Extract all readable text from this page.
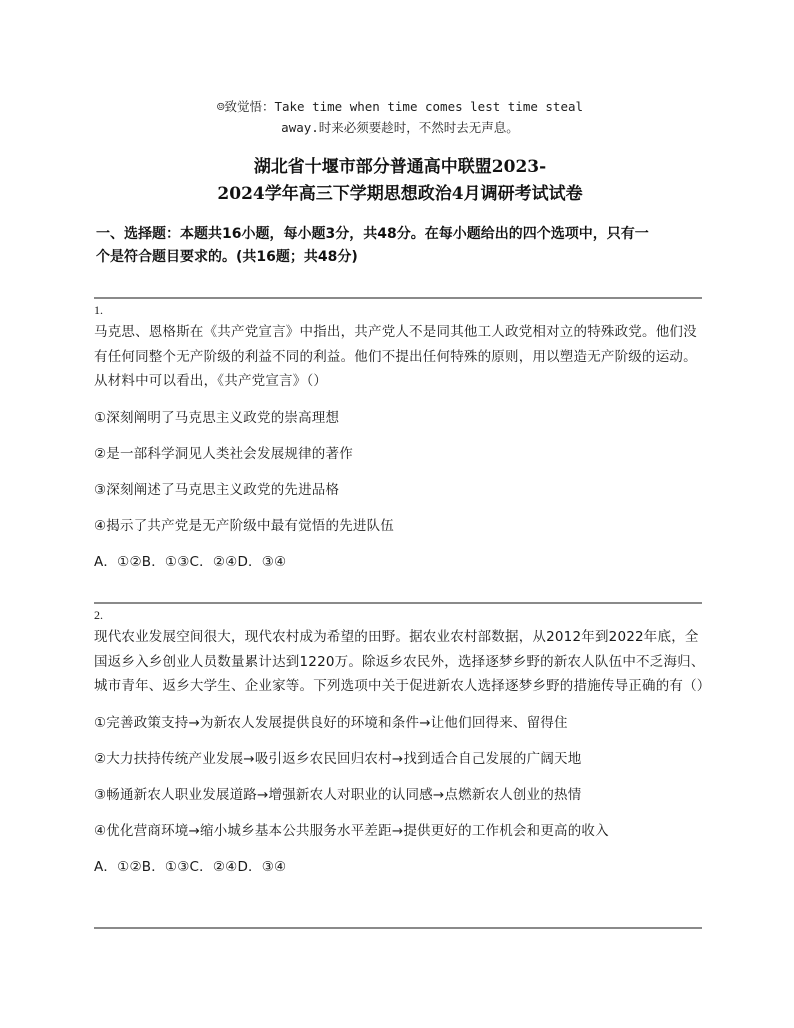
☺致觉悟：Take time when time comes lest time steal
away.时来必须要趁时，不然时去无声息。
湖北省十堰市部分普通高中联盟2023-
2024学年高三下学期思想政治4月调研考试试卷
一、选择题：本题共16小题，每小题3分，共48分。在每小题给出的四个选项中，只有一
个是符合题目要求的。(共16题；共48分)
1.
马克思、恩格斯在《共产党宣言》中指出，共产党人不是同其他工人政党相对立的特殊政党。他们没有任何同整个无产阶级的利益不同的利益。他们不提出任何特殊的原则，用以塑造无产阶级的运动。从材料中可以看出，《共产党宣言》（）
①深刻阐明了马克思主义政党的崇高理想
②是一部科学洞见人类社会发展规律的著作
③深刻阐述了马克思主义政党的先进品格
④揭示了共产党是无产阶级中最有觉悟的先进队伍
A．①②B．①③C．②④D．③④
2.
现代农业发展空间很大，现代农村成为希望的田野。据农业农村部数据，从2012年到2022年底，全国返乡入乡创业人员数量累计达到1220万。除返乡农民外，选择逐梦乡野的新农人队伍中不乏海归、城市青年、返乡大学生、企业家等。下列选项中关于促进新农人选择逐梦乡野的措施传导正确的有（）
①完善政策支持→为新农人发展提供良好的环境和条件→让他们回得来、留得住
②大力扶持传统产业发展→吸引返乡农民回归农村→找到适合自己发展的广阔天地
③畅通新农人职业发展道路→增强新农人对职业的认同感→点燃新农人创业的热情
④优化营商环境→缩小城乡基本公共服务水平差距→提供更好的工作机会和更高的收入
A．①②B．①③C．②④D．③④
